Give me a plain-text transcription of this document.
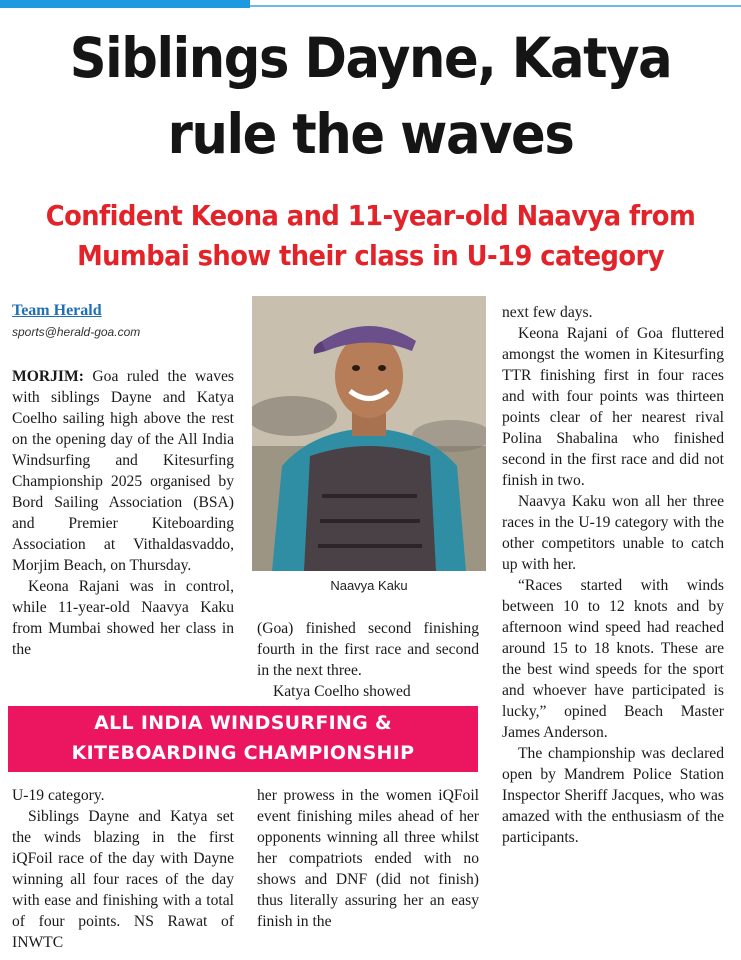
Siblings Dayne, Katya
rule the waves
Confident Keona and 11-year-old Naavya from
Mumbai show their class in U-19 category
Team Herald
sports@herald-goa.com

MORJIM: Goa ruled the waves with siblings Dayne and Katya Coelho sailing high above the rest on the opening day of the All India Windsurfing and Kitesurfing Championship 2025 organised by Bord Sailing Association (BSA) and Premier Kiteboarding Association at Vithaldasvaddo, Morjim Beach, on Thursday.

Keona Rajani was in control, while 11-year-old Naavya Kaku from Mumbai showed her class in the

Naavya Kaku

(Goa) finished second finishing fourth in the first race and second in the next three.

Katya Coelho showed

next few days.

Keona Rajani of Goa fluttered amongst the women in Kitesurfing TTR finishing first in four races and with four points was thirteen points clear of her nearest rival Polina Shabalina who finished second in the first race and did not finish in two.

Naavya Kaku won all her three races in the U-19 category with the other competitors unable to catch up with her.

“Races started with winds between 10 to 12 knots and by afternoon wind speed had reached around 15 to 18 knots. These are the best wind speeds for the sport and whoever have participated is lucky,” opined Beach Master James Anderson.

The championship was declared open by Mandrem Police Station Inspector Sheriff Jacques, who was amazed with the enthusiasm of the participants.

ALL INDIA WINDSURFING &
KITEBOARDING CHAMPIONSHIP

U-19 category.

Siblings Dayne and Katya set the winds blazing in the first iQFoil race of the day with Dayne winning all four races of the day with ease and finishing with a total of four points. NS Rawat of INWTC

her prowess in the women iQFoil event finishing miles ahead of her opponents winning all three whilst her compatriots ended with no shows and DNF (did not finish) thus literally assuring her an easy finish in the
